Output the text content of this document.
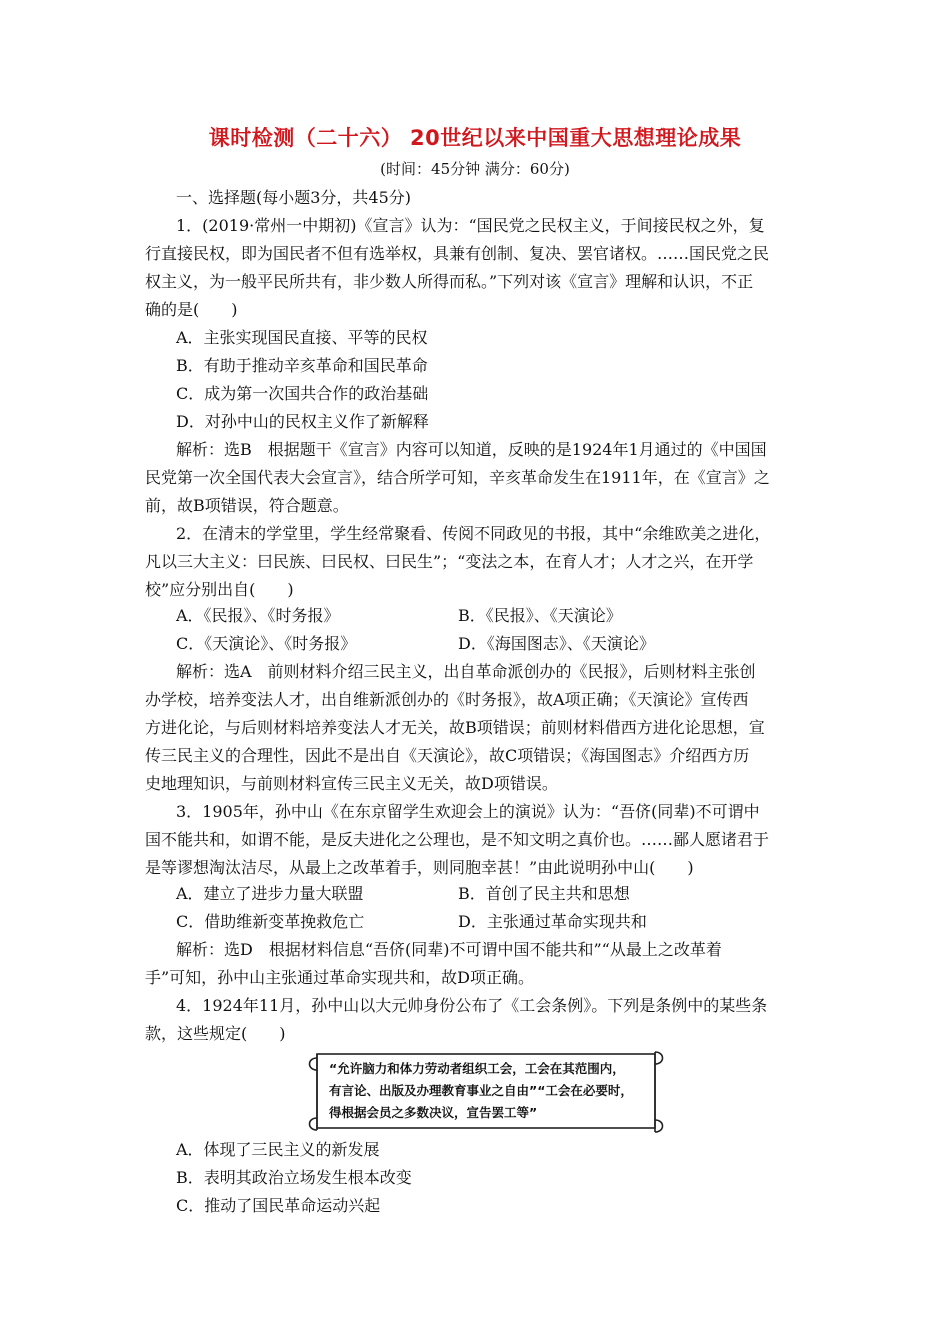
课时检测（二十六） 20世纪以来中国重大思想理论成果
(时间：45分钟 满分：60分)
一、选择题(每小题3分，共45分)
1．(2019·常州一中期初)《宣言》认为：“国民党之民权主义，于间接民权之外，复
行直接民权，即为国民者不但有选举权，具兼有创制、复决、罢官诸权。……国民党之民
权主义，为一般平民所共有，非少数人所得而私。”下列对该《宣言》理解和认识，不正
确的是(　　)
A．主张实现国民直接、平等的民权
B．有助于推动辛亥革命和国民革命
C．成为第一次国共合作的政治基础
D．对孙中山的民权主义作了新解释
解析：选B　根据题干《宣言》内容可以知道，反映的是1924年1月通过的《中国国
民党第一次全国代表大会宣言》，结合所学可知，辛亥革命发生在1911年，在《宣言》之
前，故B项错误，符合题意。
2．在清末的学堂里，学生经常聚看、传阅不同政见的书报，其中“余维欧美之进化，
凡以三大主义：曰民族、曰民权、曰民生”；“变法之本，在育人才；人才之兴，在开学
校”应分别出自(　　)
A．《民报》、《时务报》	B．《民报》、《天演论》
C．《天演论》、《时务报》	D．《海国图志》、《天演论》
解析：选A　前则材料介绍三民主义，出自革命派创办的《民报》，后则材料主张创
办学校，培养变法人才，出自维新派创办的《时务报》，故A项正确；《天演论》宣传西
方进化论，与后则材料培养变法人才无关，故B项错误；前则材料借西方进化论思想，宣
传三民主义的合理性，因此不是出自《天演论》，故C项错误；《海国图志》介绍西方历
史地理知识，与前则材料宣传三民主义无关，故D项错误。
3．1905年，孙中山《在东京留学生欢迎会上的演说》认为：“吾侪(同辈)不可谓中
国不能共和，如谓不能，是反夫进化之公理也，是不知文明之真价也。……鄙人愿诸君于
是等谬想淘汰洁尽，从最上之改革着手，则同胞幸甚！”由此说明孙中山(　　)
A．建立了进步力量大联盟	B．首创了民主共和思想
C．借助维新变革挽救危亡	D．主张通过革命实现共和
解析：选D　根据材料信息“吾侪(同辈)不可谓中国不能共和”“从最上之改革着
手”可知，孙中山主张通过革命实现共和，故D项正确。
4．1924年11月，孙中山以大元帅身份公布了《工会条例》。下列是条例中的某些条
款，这些规定(　　)
“允许脑力和体力劳动者组织工会，工会在其范围内，
有言论、出版及办理教育事业之自由”“工会在必要时，
得根据会员之多数决议，宣告罢工等”
A．体现了三民主义的新发展
B．表明其政治立场发生根本改变
C．推动了国民革命运动兴起
